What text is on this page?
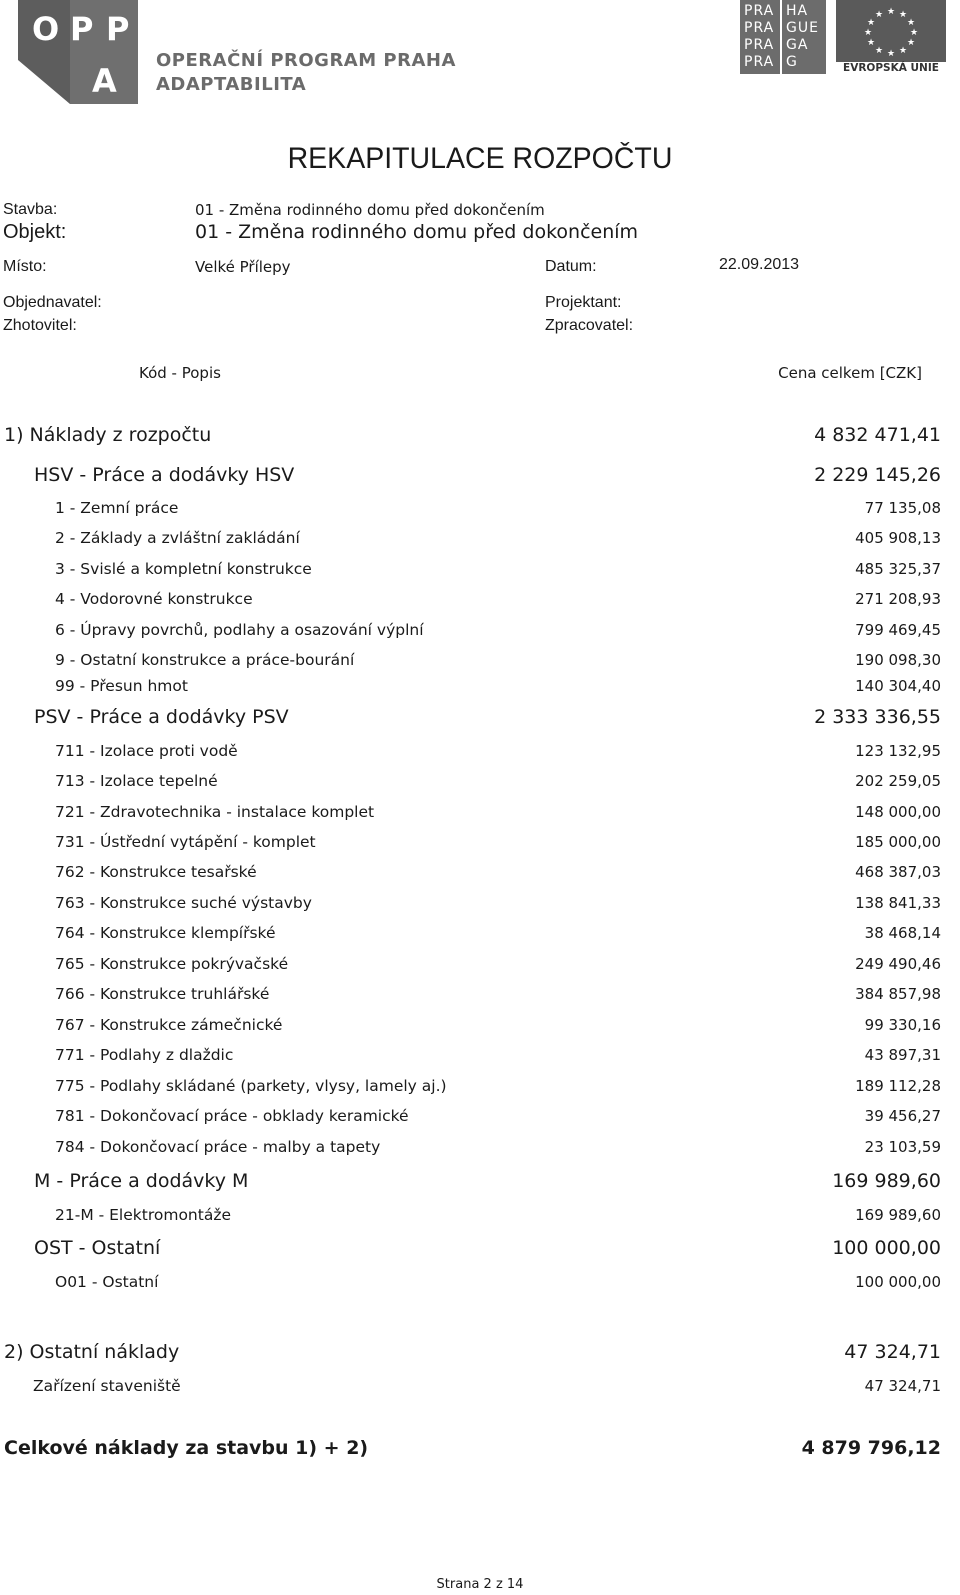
O P P
A
OPERAČNÍ PROGRAM PRAHA
ADAPTABILITA
PRA HA
PRA GUE
PRA GA
PRA G
★ ★
★
★
★
★
★
★
★
★
★
★
EVROPSKÁ UNIE
REKAPITULACE ROZPOČTU
Stavba:	01 - Změna rodinného domu před dokončením
Objekt:	01 - Změna rodinného domu před dokončením
Místo:	Velké Přílepy	Datum:	22.09.2013
Objednavatel:	Projektant:
Zhotovitel:	Zpracovatel:
Kód - Popis	Cena celkem [CZK]
1) Náklady z rozpočtu	4 832 471,41
HSV - Práce a dodávky HSV	2 229 145,26
1 - Zemní práce	77 135,08
2 - Základy a zvláštní zakládání	405 908,13
3 - Svislé a kompletní konstrukce	485 325,37
4 - Vodorovné konstrukce	271 208,93
6 - Úpravy povrchů, podlahy a osazování výplní	799 469,45
9 - Ostatní konstrukce a práce-bourání	190 098,30
99 - Přesun hmot	140 304,40
PSV - Práce a dodávky PSV	2 333 336,55
711 - Izolace proti vodě	123 132,95
713 - Izolace tepelné	202 259,05
721 - Zdravotechnika - instalace komplet	148 000,00
731 - Ústřední vytápění - komplet	185 000,00
762 - Konstrukce tesařské	468 387,03
763 - Konstrukce suché výstavby	138 841,33
764 - Konstrukce klempířské	38 468,14
765 - Konstrukce pokrývačské	249 490,46
766 - Konstrukce truhlářské	384 857,98
767 - Konstrukce zámečnické	99 330,16
771 - Podlahy z dlaždic	43 897,31
775 - Podlahy skládané (parkety, vlysy, lamely aj.)	189 112,28
781 - Dokončovací práce - obklady keramické	39 456,27
784 - Dokončovací práce - malby a tapety	23 103,59
M - Práce a dodávky M	169 989,60
21-M - Elektromontáže	169 989,60
OST - Ostatní	100 000,00
O01 - Ostatní	100 000,00
2) Ostatní náklady	47 324,71
Zařízení staveniště	47 324,71
Celkové náklady za stavbu 1) + 2)	4 879 796,12
Strana 2 z 14
